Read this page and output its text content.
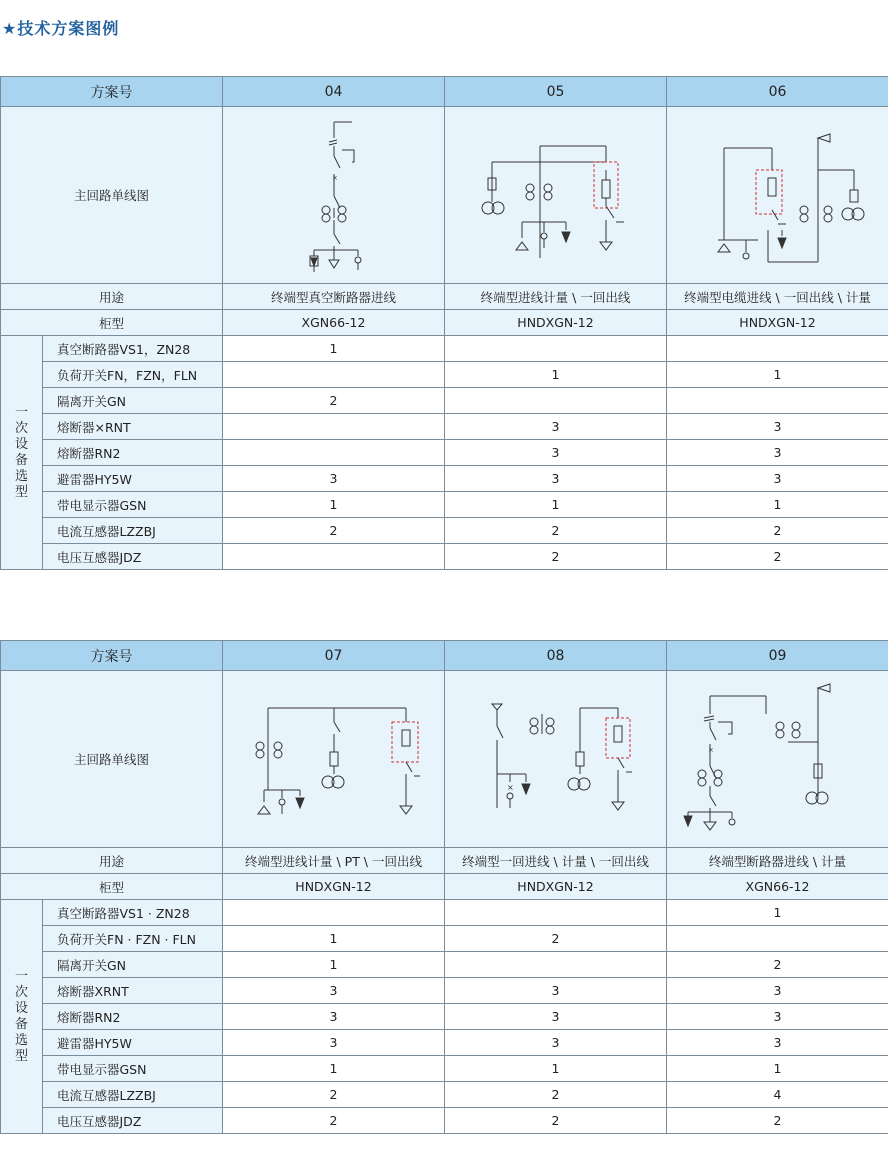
★技术方案图例
方案号		04	05	06
主回路单线图		×

用途		终端型真空断路器进线	终端型进线计量 \ 一回出线	终端型电缆进线 \ 一回出线 \ 计量
柜型		XGN66-12	HNDXGN-12	HNDXGN-12
一次设备选型	真空断路器VS1，ZN28	1		
	负荷开关FN，FZN，FLN		1	1
	隔离开关GN	2		
	熔断器×RNT		3	3
	熔断器RN2		3	3
	避雷器HY5W	3	3	3
	带电显示器GSN	1	1	1
	电流互感器LZZBJ	2	2	2
	电压互感器JDZ		2	2
方案号		07	08	09
主回路单线图			×	×

用途		终端型进线计量 \ PT \ 一回出线	终端型一回进线 \ 计量 \ 一回出线	终端型断路器进线 \ 计量
柜型		HNDXGN-12	HNDXGN-12	XGN66-12
一次设备选型	真空断路器VS1 · ZN28			1
	负荷开关FN · FZN · FLN	1	2	
	隔离开关GN	1		2
	熔断器XRNT	3	3	3
	熔断器RN2	3	3	3
	避雷器HY5W	3	3	3
	带电显示器GSN	1	1	1
	电流互感器LZZBJ	2	2	4
	电压互感器JDZ	2	2	2
